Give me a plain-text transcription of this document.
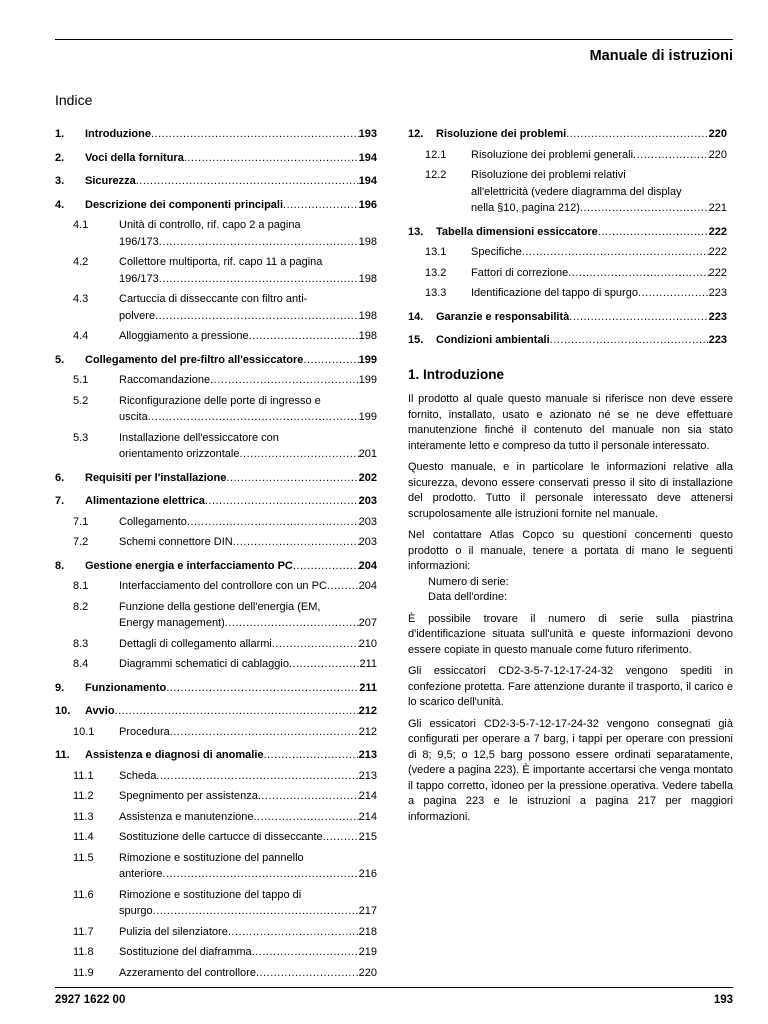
Manuale di istruzioni
Indice
1.	Introduzione .....	193
2.	Voci della fornitura .....	194
3.	Sicurezza .....	194
4.	Descrizione dei componenti principali .....	196
4.1	Unità di controllo, rif. capo 2 a pagina
196/173 .....	198
4.2	Collettore multiporta, rif. capo 11 a pagina
196/173 .....	198
4.3	Cartuccia di disseccante con filtro anti-
polvere .....	198
4.4	Alloggiamento a pressione .....	198
5.	Collegamento del pre-filtro all'essiccatore .....	199
5.1	Raccomandazione .....	199
5.2	Riconfigurazione delle porte di ingresso e
uscita .....	199
5.3	Installazione dell'essiccatore con
orientamento orizzontale .....	201
6.	Requisiti per l'installazione .....	202
7.	Alimentazione elettrica .....	203
7.1	Collegamento .....	203
7.2	Schemi connettore DIN .....	203
8.	Gestione energia e interfacciamento PC .....	204
8.1	Interfacciamento del controllore con un PC .....	204
8.2	Funzione della gestione dell'energia (EM,
Energy management) .....	207
8.3	Dettagli di collegamento allarmi .....	210
8.4	Diagrammi schematici di cablaggio .....	211
9.	Funzionamento .....	211
10.	Avvio .....	212
10.1	Procedura .....	212
11.	Assistenza e diagnosi di anomalie .....	213
11.1	Scheda .....	213
11.2	Spegnimento per assistenza .....	214
11.3	Assistenza e manutenzione .....	214
11.4	Sostituzione delle cartucce di disseccante .....	215
11.5	Rimozione e sostituzione del pannello
anteriore .....	216
11.6	Rimozione e sostituzione del tappo di
spurgo .....	217
11.7	Pulizia del silenziatore .....	218
11.8	Sostituzione del diaframma .....	219
11.9	Azzeramento del controllore .....	220
12.	Risoluzione dei problemi .....	220
12.1	Risoluzione dei problemi generali .....	220
12.2	Risoluzione dei problemi relativi
all'elettricità (vedere diagramma del display
nella §10, pagina 212) .....	221
13.	Tabella dimensioni essiccatore .....	222
13.1	Specifiche .....	222
13.2	Fattori di correzione .....	222
13.3	Identificazione del tappo di spurgo .....	223
14.	Garanzie e responsabilità .....	223
15.	Condizioni ambientali .....	223
1. Introduzione

Il prodotto al quale questo manuale si riferisce non deve essere fornito, installato, usato e azionato né se ne deve effettuare manutenzione finché il contenuto del manuale non sia stato interamente letto e compreso da tutto il personale interessato.

Questo manuale, e in particolare le informazioni relative alla sicurezza, devono essere conservati presso il sito di installazione del prodotto. Tutto il personale interessato deve attenersi scrupolosamente alle istruzioni fornite nel manuale.

Nel contattare Atlas Copco su questioni concernenti questo prodotto o il manuale, tenere a portata di mano le seguenti informazioni:

Numero di serie:

Data dell'ordine:

È possibile trovare il numero di serie sulla piastrina d'identificazione situata sull'unità e queste informazioni devono essere copiate in questo manuale come futuro riferimento.

Gli essiccatori CD2-3-5-7-12-17-24-32 vengono spediti in confezione protetta. Fare attenzione durante il trasporto, il carico e lo scarico dell'unità.

Gli essicatori CD2-3-5-7-12-17-24-32 vengono consegnati già configurati per operare a 7 barg, i tappi per operare con pressioni di 8; 9,5; o 12,5 barg possono essere ordinati separatamente, (vedere a pagina 223). È importante accertarsi che venga montato il tappo corretto, idoneo per la pressione operativa. Vedere tabella a pagina 223 e le istruzioni a pagina 217 per maggiori informazioni.

2927 1622 00	193
